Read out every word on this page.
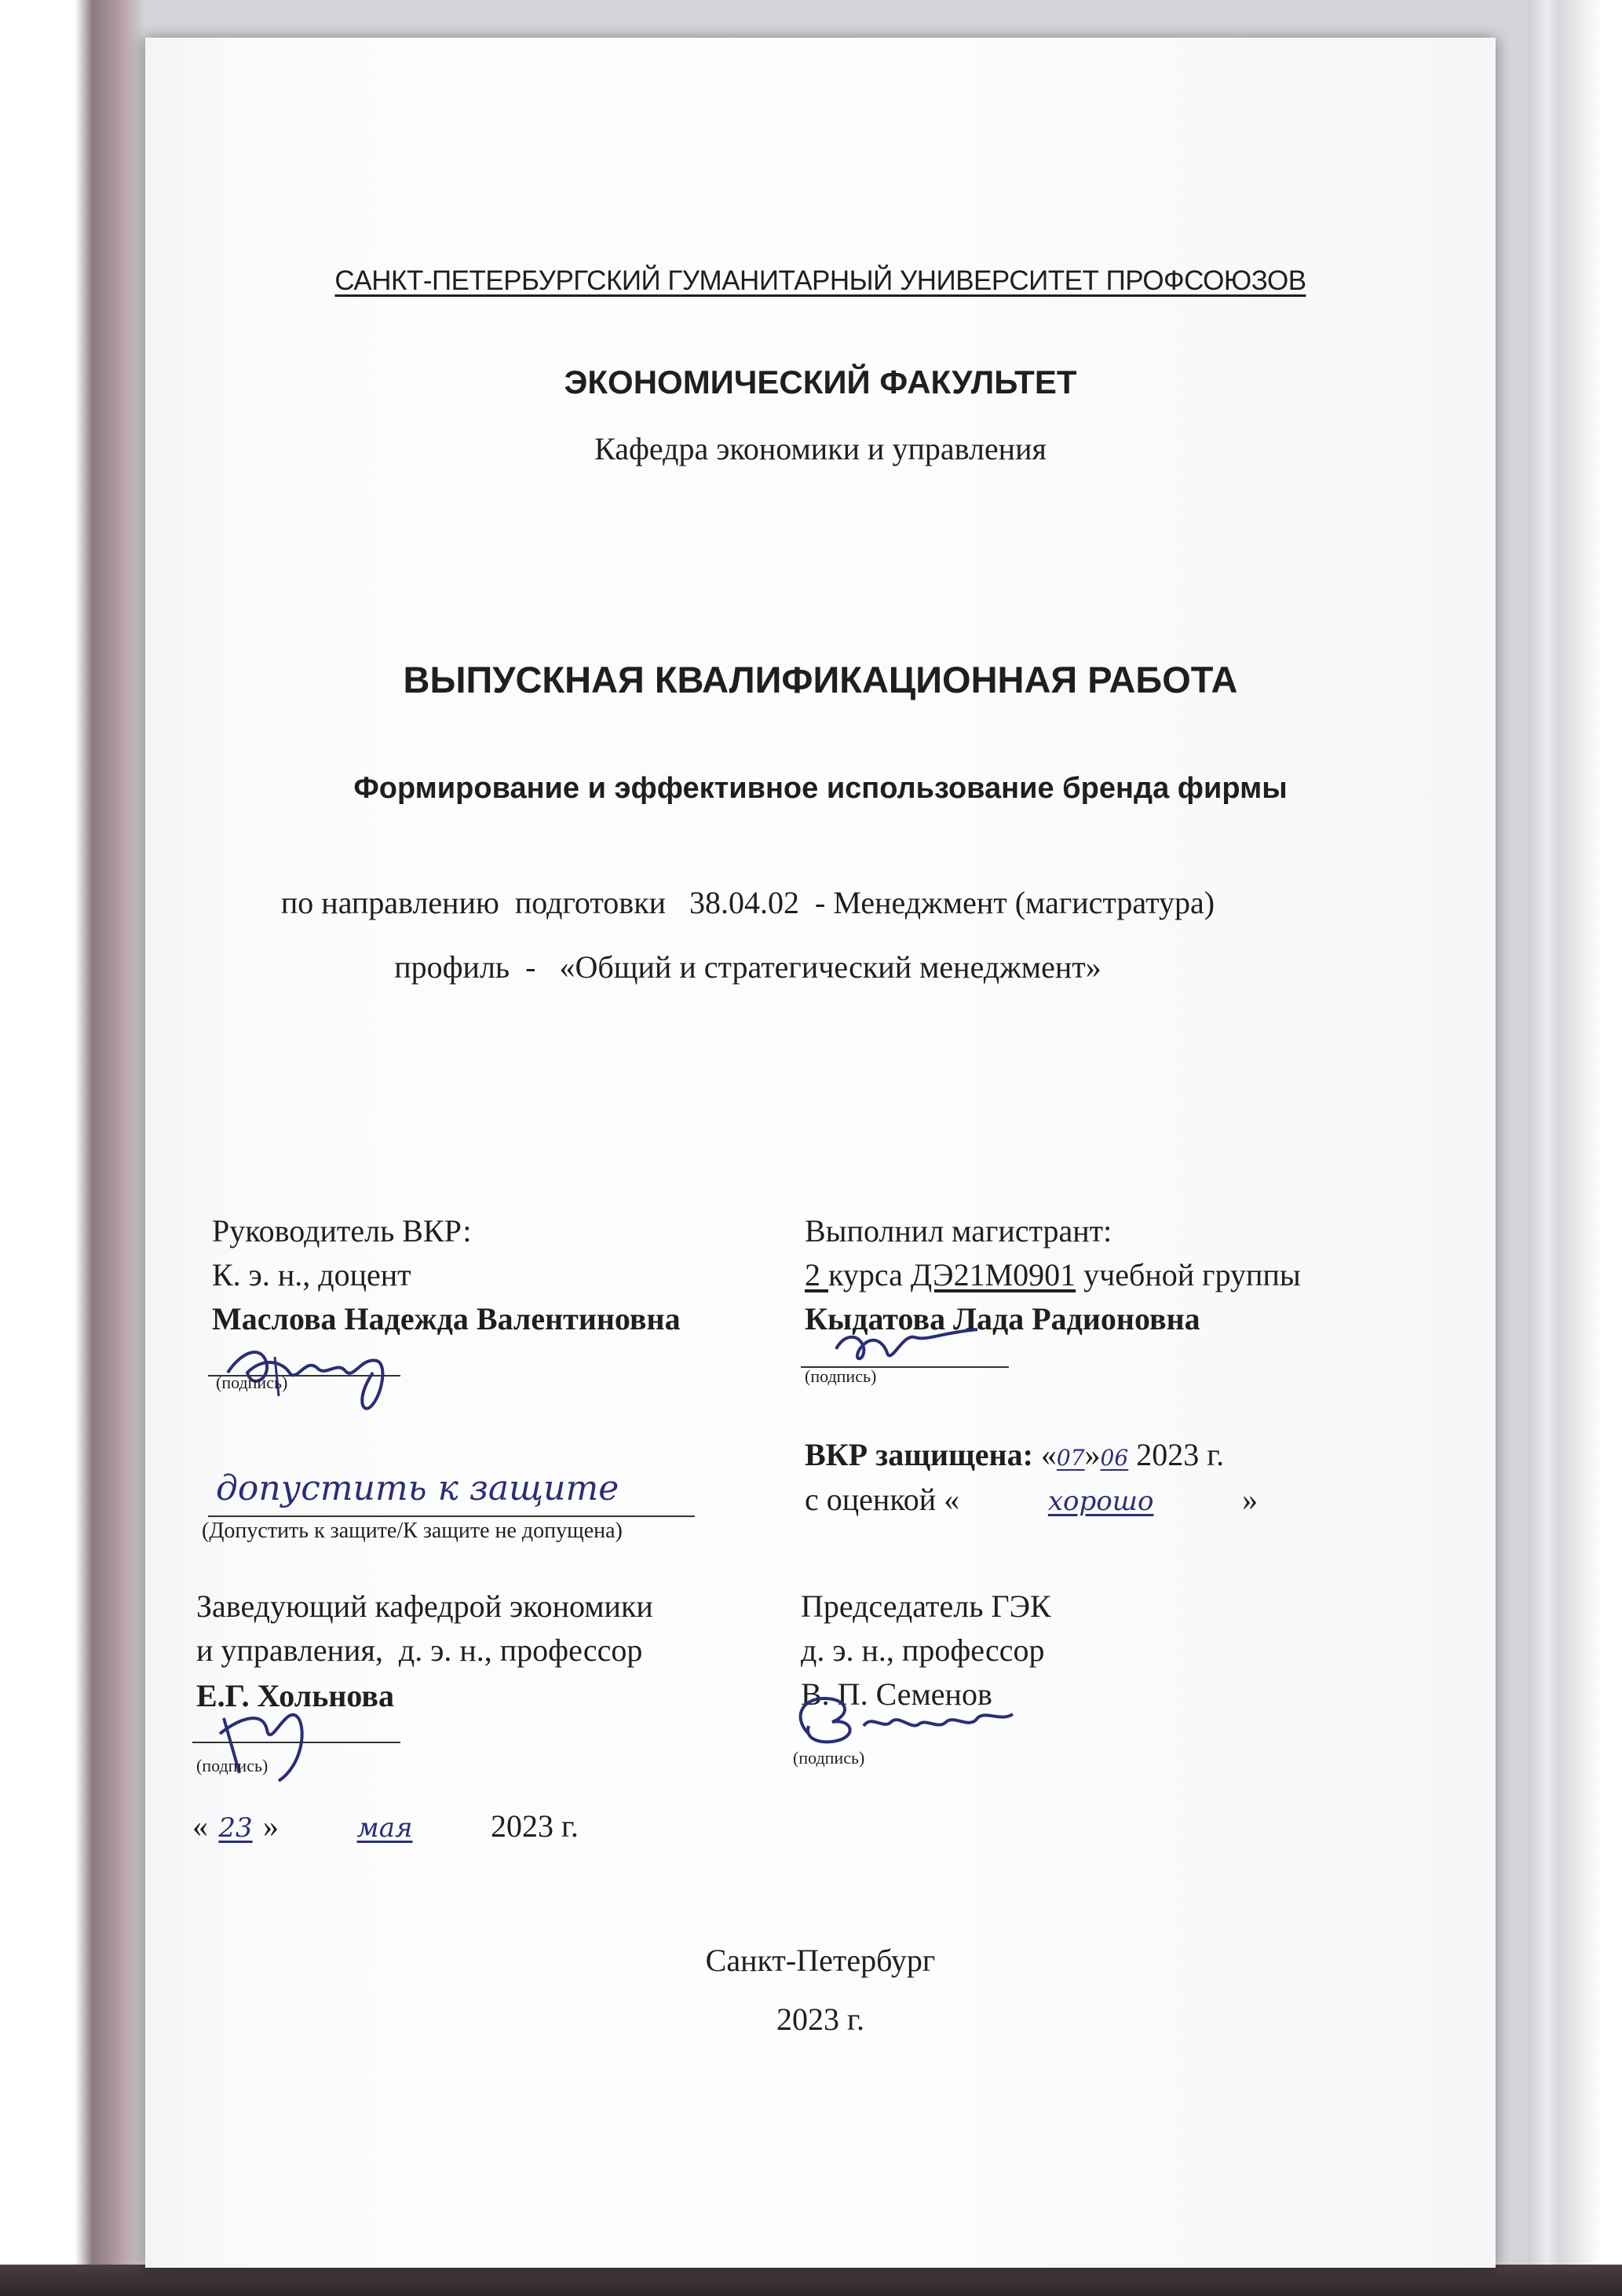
САНКТ-ПЕТЕРБУРГСКИЙ ГУМАНИТАРНЫЙ УНИВЕРСИТЕТ ПРОФСОЮЗОВ
ЭКОНОМИЧЕСКИЙ ФАКУЛЬТЕТ
Кафедра экономики и управления
ВЫПУСКНАЯ КВАЛИФИКАЦИОННАЯ РАБОТА
Формирование и эффективное использование бренда фирмы
по направлению  подготовки   38.04.02  - Менеджмент (магистратура)
профиль  -   «Общий и стратегический менеджмент»
Руководитель ВКР:
К. э. н., доцент
Маслова Надежда Валентиновна
(подпись)
Выполнил магистрант:
2 курса ДЭ21М0901 учебной группы
Кыдатова Лада Радионовна
(подпись)
ВКР защищена: «07»06 2023 г.
с оценкой «	хорошо	»
допустить к защите
(Допустить к защите/К защите не допущена)
Заведующий кафедрой экономики
и управления,  д. э. н., профессор
Е.Г. Хольнова
(подпись)
« 23 »	мая 2023 г.
Председатель ГЭК
д. э. н., профессор
В. П. Семенов
(подпись)
Санкт-Петербург
2023 г.
